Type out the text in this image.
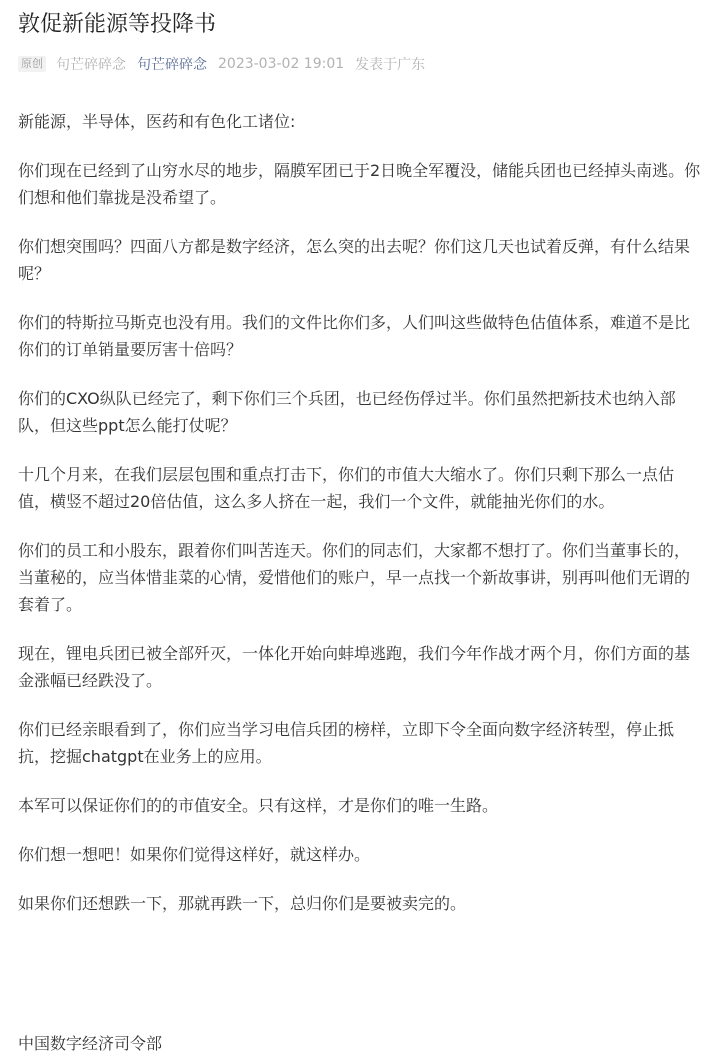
敦促新能源等投降书
原创 句芒碎碎念 句芒碎碎念 2023-03-02 19:01 发表于广东

新能源，半导体，医药和有色化工诸位:

你们现在已经到了山穷水尽的地步，隔膜军团已于2日晚全军覆没，储能兵团也已经掉头南逃。你们想和他们靠拢是没希望了。

你们想突围吗？四面八方都是数字经济，怎么突的出去呢？你们这几天也试着反弹，有什么结果呢？

你们的特斯拉马斯克也没有用。我们的文件比你们多，人们叫这些做特色估值体系，难道不是比你们的订单销量要厉害十倍吗？

你们的CXO纵队已经完了，剩下你们三个兵团，也已经伤俘过半。你们虽然把新技术也纳入部队，但这些ppt怎么能打仗呢？

十几个月来，在我们层层包围和重点打击下，你们的市值大大缩水了。你们只剩下那么一点估值，横竖不超过20倍估值，这么多人挤在一起，我们一个文件，就能抽光你们的水。

你们的员工和小股东，跟着你们叫苦连天。你们的同志们，大家都不想打了。你们当董事长的，当董秘的，应当体惜韭菜的心情，爱惜他们的账户，早一点找一个新故事讲，别再叫他们无谓的套着了。

现在，锂电兵团已被全部歼灭，一体化开始向蚌埠逃跑，我们今年作战才两个月，你们方面的基金涨幅已经跌没了。

你们已经亲眼看到了，你们应当学习电信兵团的榜样，立即下令全面向数字经济转型，停止抵抗，挖掘chatgpt在业务上的应用。

本军可以保证你们的的市值安全。只有这样，才是你们的唯一生路。

你们想一想吧！如果你们觉得这样好，就这样办。

如果你们还想跌一下，那就再跌一下，总归你们是要被卖完的。

中国数字经济司令部
